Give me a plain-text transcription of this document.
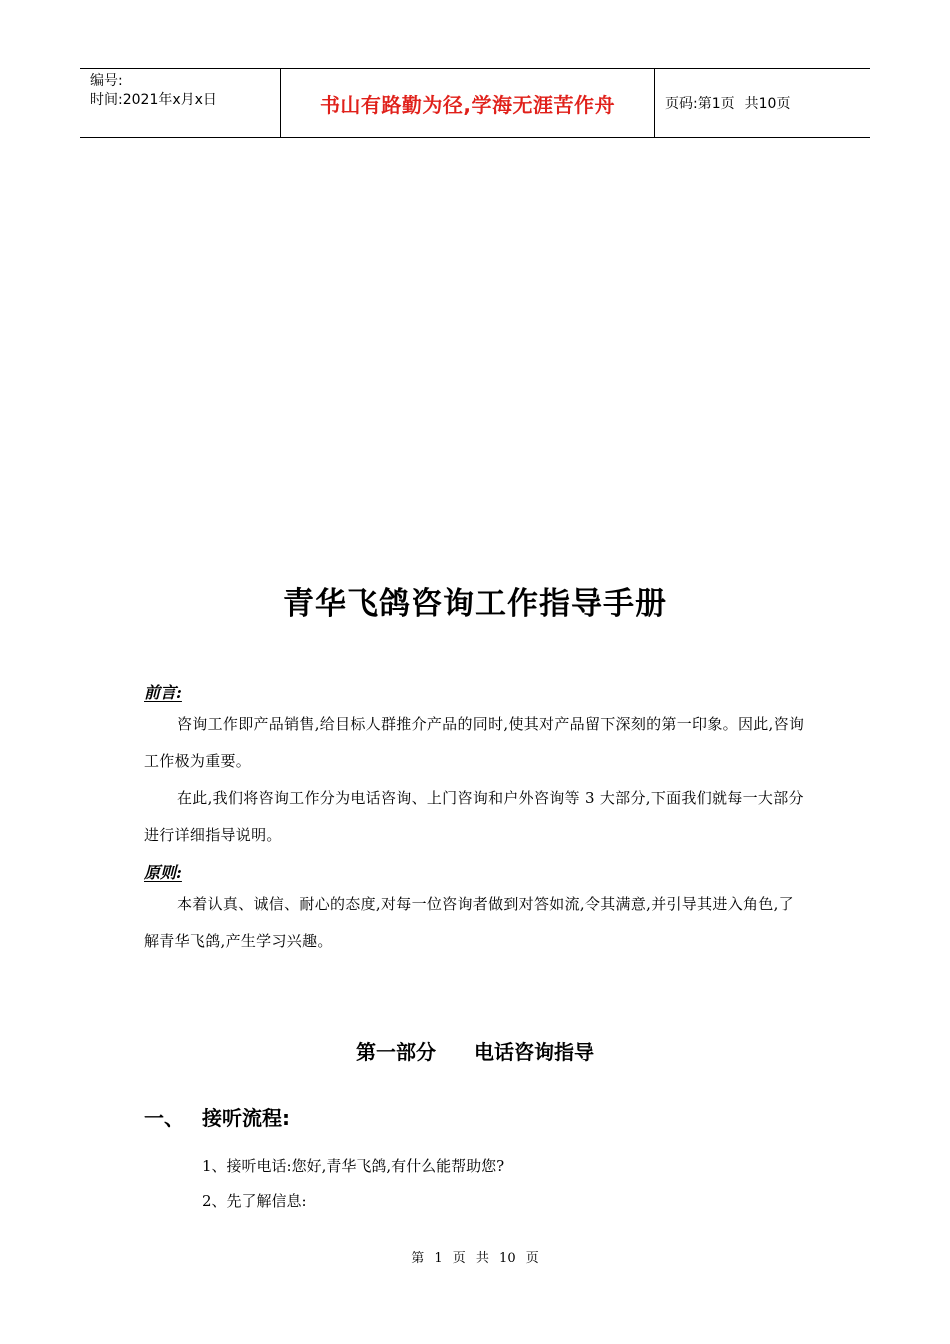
编号:
时间:2021年x月x日	书山有路勤为径,学海无涯苦作舟	页码:第1页 共10页
青华飞鸽咨询工作指导手册
前言:
咨询工作即产品销售,给目标人群推介产品的同时,使其对产品留下深刻的第一印象。因此,咨询工作极为重要。
在此,我们将咨询工作分为电话咨询、上门咨询和户外咨询等 3 大部分,下面我们就每一大部分进行详细指导说明。
原则:
本着认真、诚信、耐心的态度,对每一位咨询者做到对答如流,令其满意,并引导其进入角色,了解青华飞鸽,产生学习兴趣。
第一部分 电话咨询指导
一、 接听流程:
1、接听电话:您好,青华飞鸽,有什么能帮助您?
2、先了解信息:
第 1 页 共 10 页
